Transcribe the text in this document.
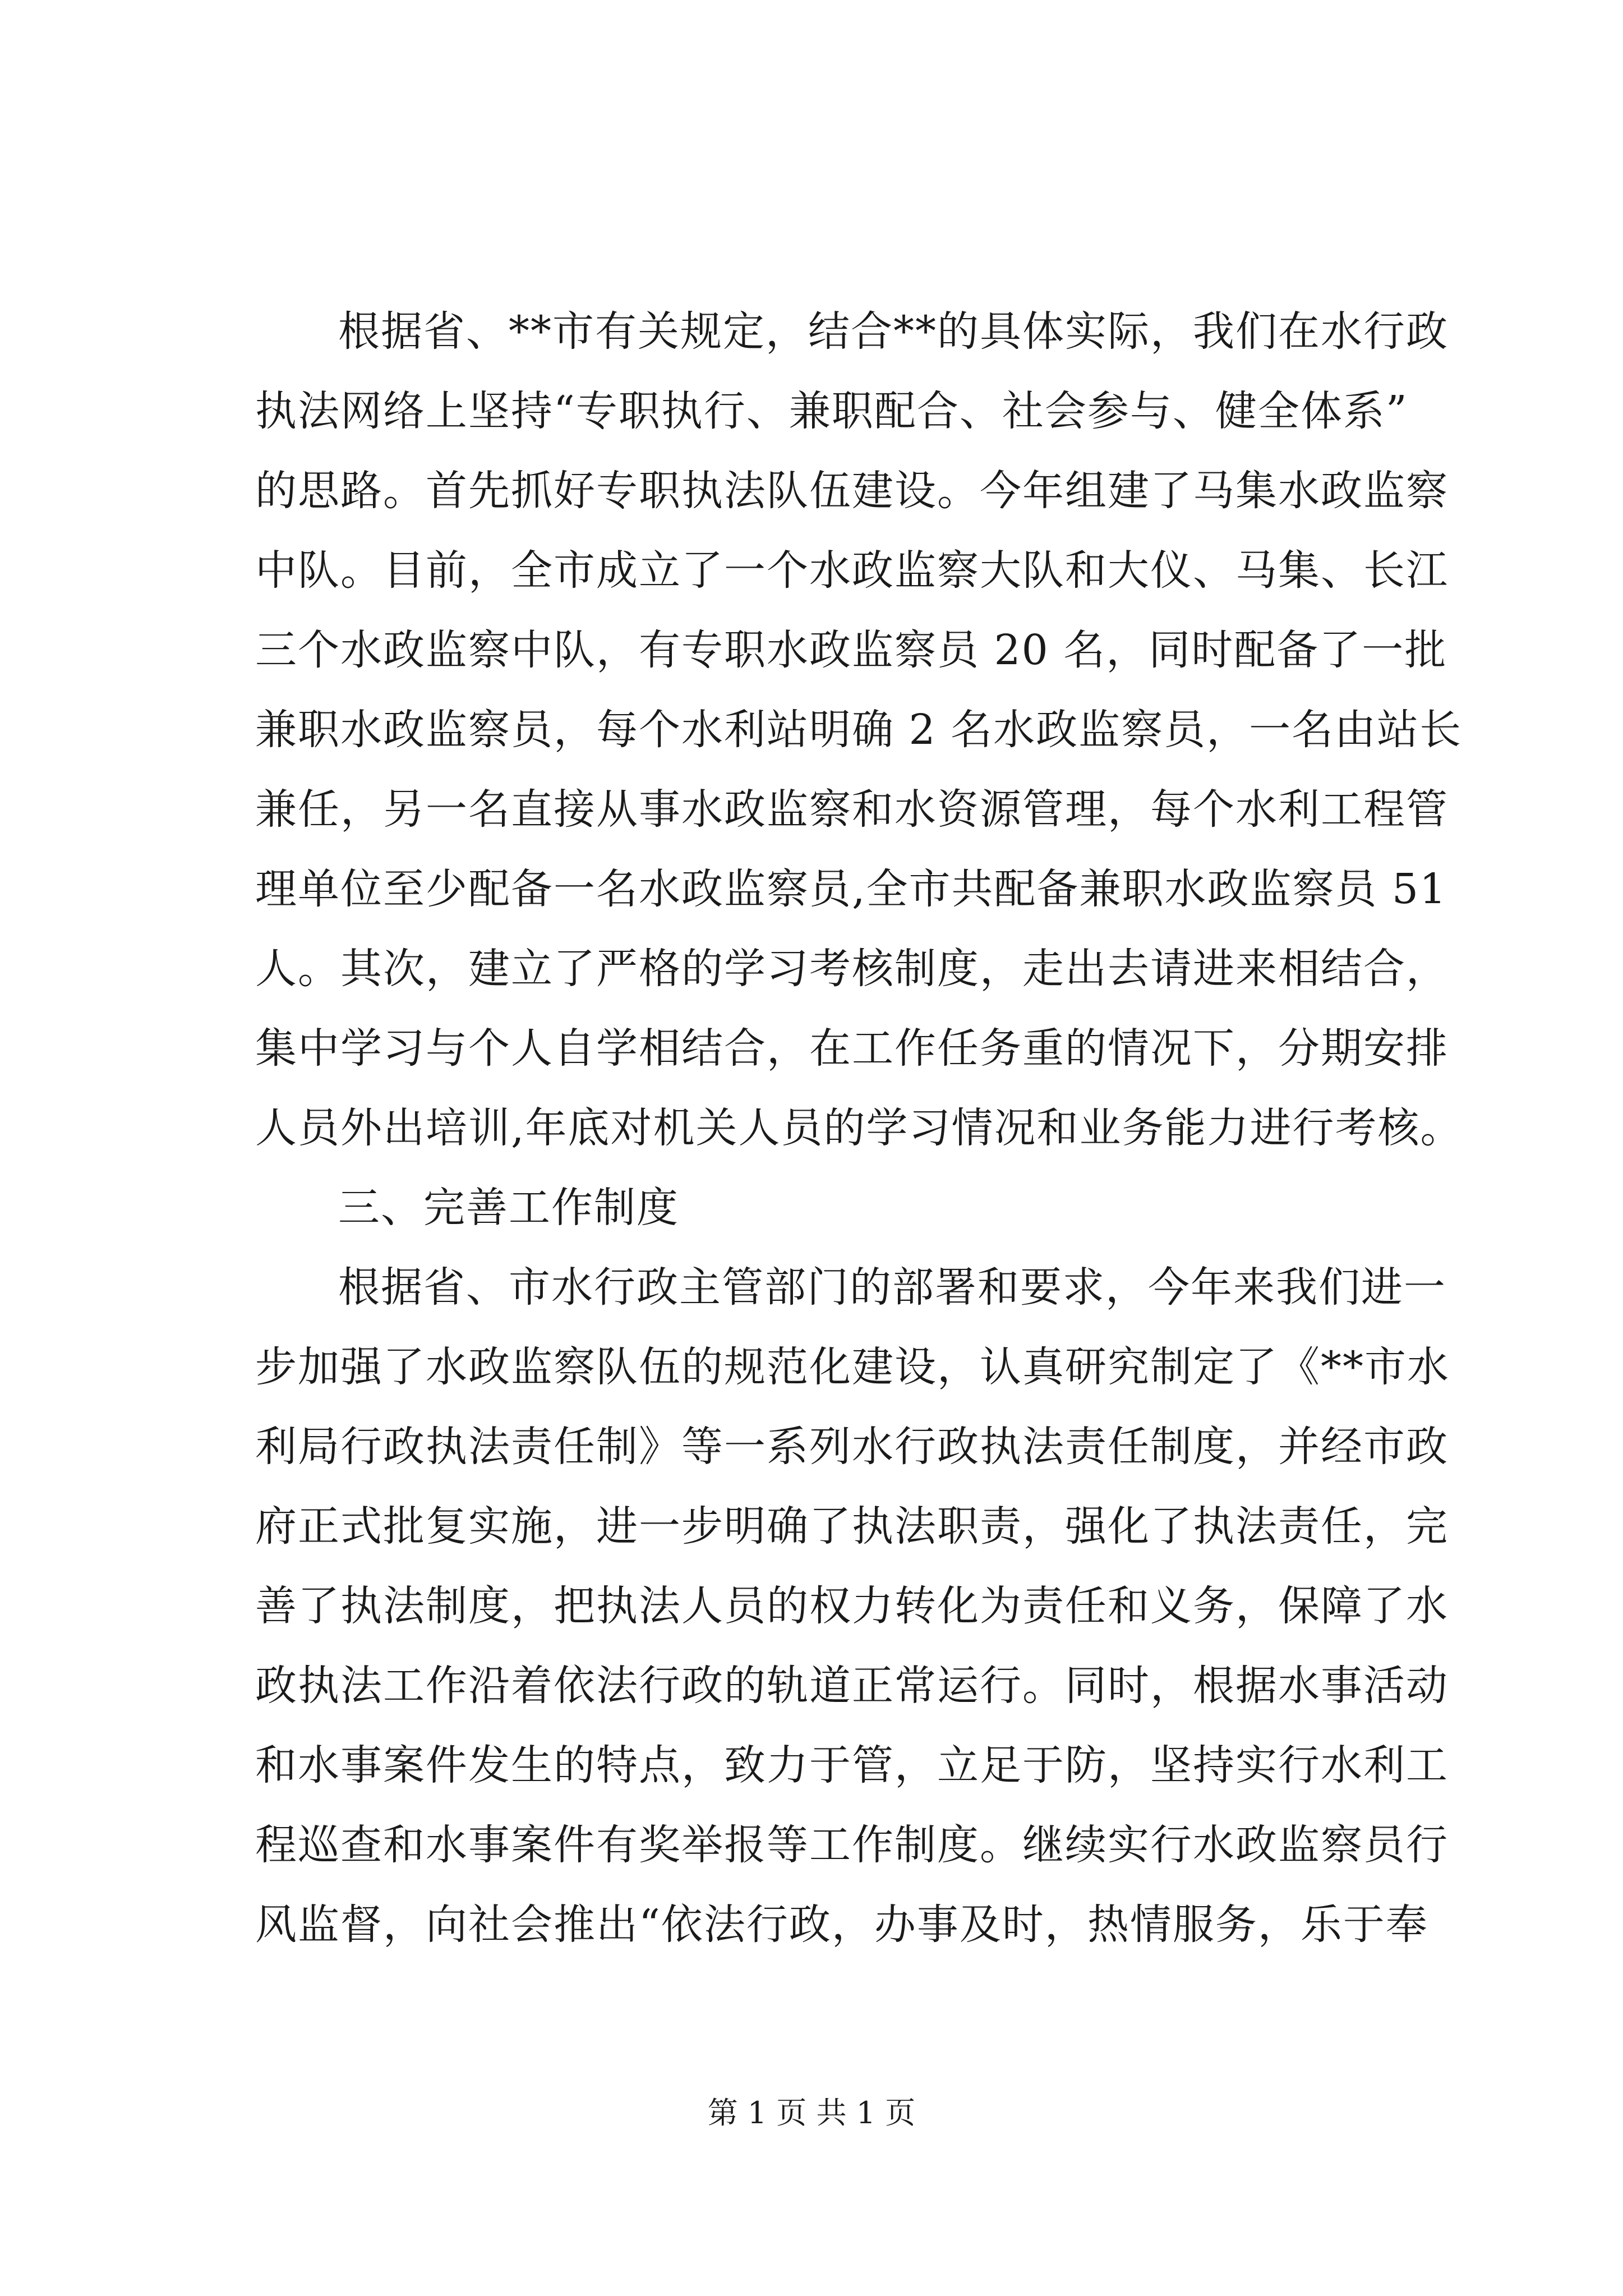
根据省、**市有关规定，结合**的具体实际，我们在水行政
执法网络上坚持“专职执行、兼职配合、社会参与、健全体系”
的思路。首先抓好专职执法队伍建设。今年组建了马集水政监察
中队。目前，全市成立了一个水政监察大队和大仪、马集、长江
三个水政监察中队，有专职水政监察员 20 名，同时配备了一批
兼职水政监察员，每个水利站明确 2 名水政监察员，一名由站长
兼任，另一名直接从事水政监察和水资源管理，每个水利工程管
理单位至少配备一名水政监察员,全市共配备兼职水政监察员 51
人。其次，建立了严格的学习考核制度，走出去请进来相结合，
集中学习与个人自学相结合，在工作任务重的情况下，分期安排
人员外出培训,年底对机关人员的学习情况和业务能力进行考核。
三、完善工作制度
根据省、市水行政主管部门的部署和要求，今年来我们进一
步加强了水政监察队伍的规范化建设，认真研究制定了《**市水
利局行政执法责任制》等一系列水行政执法责任制度，并经市政
府正式批复实施，进一步明确了执法职责，强化了执法责任，完
善了执法制度，把执法人员的权力转化为责任和义务，保障了水
政执法工作沿着依法行政的轨道正常运行。同时，根据水事活动
和水事案件发生的特点，致力于管，立足于防，坚持实行水利工
程巡查和水事案件有奖举报等工作制度。继续实行水政监察员行
风监督，向社会推出“依法行政，办事及时，热情服务，乐于奉
第 1 页 共 1 页
